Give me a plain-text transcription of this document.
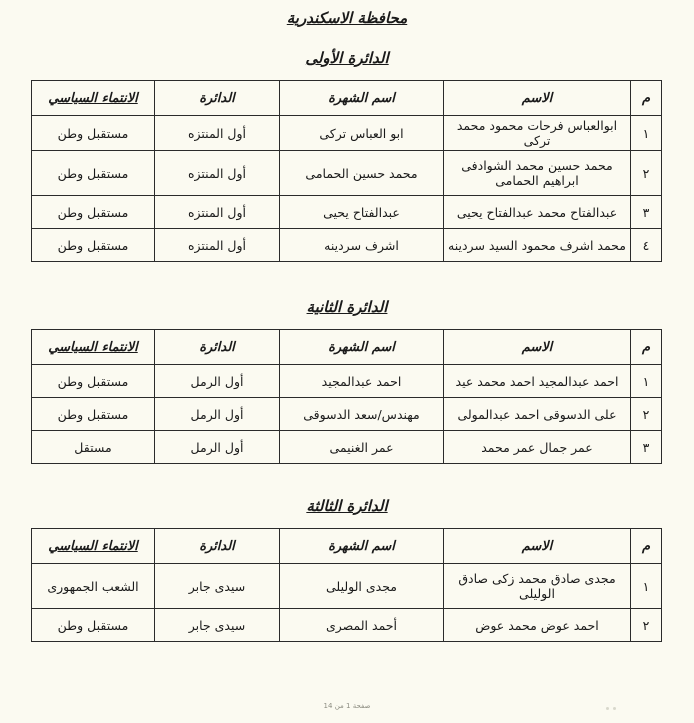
محافظة الاسكندرية
الدائرة الأولى
م	الاسم	اسم الشهرة	الدائرة	الانتماء السياسي
١	ابوالعباس فرحات محمود محمد تركى	ابو العباس تركى	أول المنتزه	مستقبل وطن
٢	محمد حسين محمد الشوادفى ابراهيم الحمامى	محمد حسين الحمامى	أول المنتزه	مستقبل وطن
٣	عبدالفتاح محمد عبدالفتاح يحيى	عبدالفتاح يحيى	أول المنتزه	مستقبل وطن
٤	محمد اشرف محمود السيد سردينه	اشرف سردينه	أول المنتزه	مستقبل وطن
الدائرة الثانية
م	الاسم	اسم الشهرة	الدائرة	الانتماء السياسي
١	احمد عبدالمجيد احمد محمد عيد	احمد عبدالمجيد	أول الرمل	مستقبل وطن
٢	على الدسوقى احمد عبدالمولى	مهندس/سعد الدسوقى	أول الرمل	مستقبل وطن
٣	عمر جمال عمر محمد	عمر الغنيمى	أول الرمل	مستقل
الدائرة الثالثة
م	الاسم	اسم الشهرة	الدائرة	الانتماء السياسي
١	مجدى صادق محمد زكى صادق الوليلى	مجدى الوليلى	سيدى جابر	الشعب الجمهورى
٢	احمد عوض محمد عوض	أحمد المصرى	سيدى جابر	مستقبل وطن
صفحة 1 من 14
